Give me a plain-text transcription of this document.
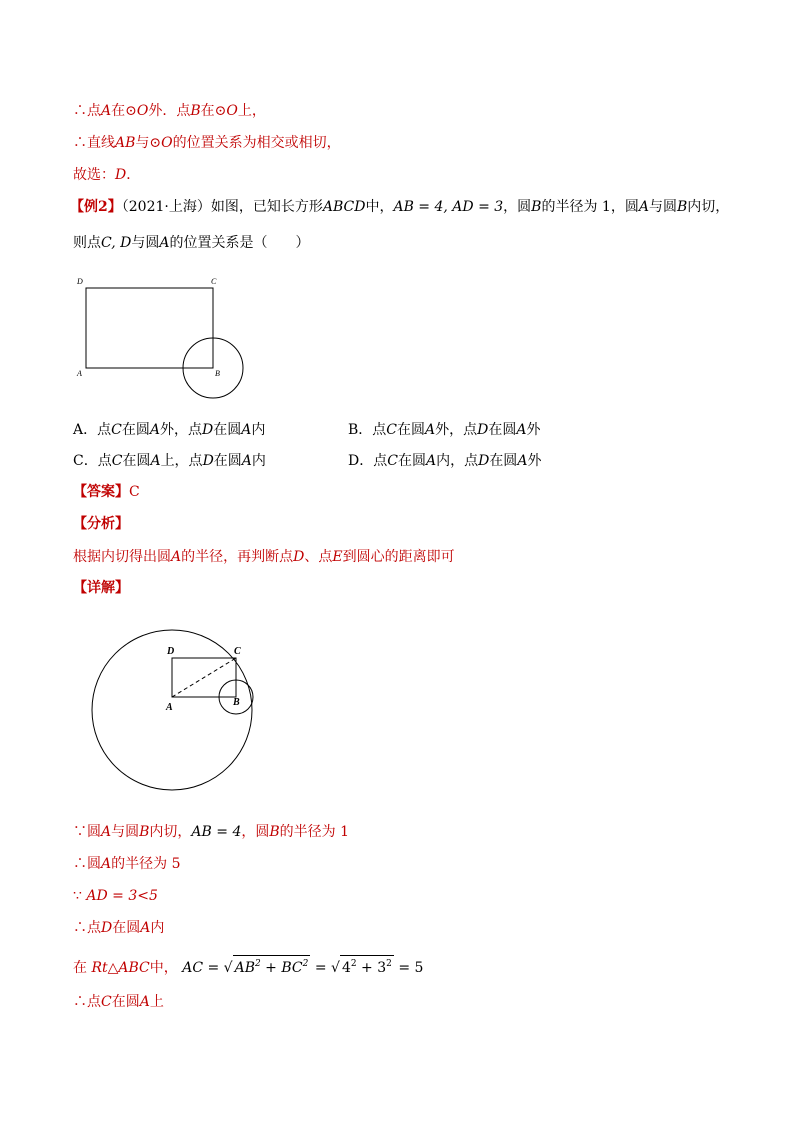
∴点A在⊙O外．点B在⊙O上，
∴直线AB与⊙O的位置关系为相交或相切，
故选：D．
【例2】（2021·上海）如图，已知长方形ABCD中，AB = 4, AD = 3，圆B的半径为 1，圆A与圆B内切，
则点C, D与圆A的位置关系是（　　）
D	C
A	B
A．点C在圆A外，点D在圆A内	B．点C在圆A外，点D在圆A外
C．点C在圆A上，点D在圆A内	D．点C在圆A内，点D在圆A外
【答案】C
【分析】
根据内切得出圆A的半径，再判断点D、点E到圆心的距离即可
【详解】
D	C
A	B
∵圆A与圆B内切，AB = 4，圆B的半径为 1
∴圆A的半径为 5
∵ AD = 3<5
∴点D在圆A内
在 Rt△ABC中， AC = √ $AB^2 + BC^2$ = √ $4^2 + 3^2 = 5$
∴点C在圆A上
